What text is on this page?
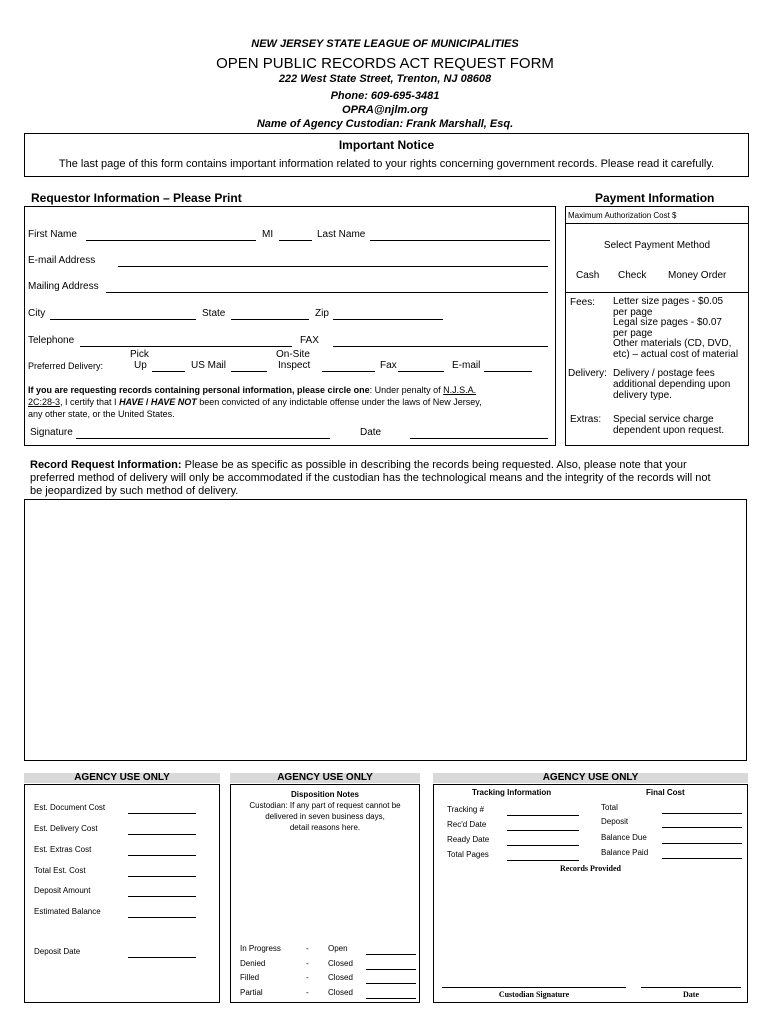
NEW JERSEY STATE LEAGUE OF MUNICIPALITIES
OPEN PUBLIC RECORDS ACT REQUEST FORM
222 West State Street, Trenton, NJ 08608
Phone: 609-695-3481
OPRA@njlm.org
Name of Agency Custodian: Frank Marshall, Esq.
Important Notice
The last page of this form contains important information related to your rights concerning government records. Please read it carefully.
Requestor Information – Please Print
First Name	MI	Last Name
E-mail Address
Mailing Address
City	State	Zip
Telephone	FAX
Pick	On-Site
Preferred Delivery:	Up	US Mail	Inspect	Fax	E-mail
If you are requesting records containing personal information, please circle one: Under penalty of N.J.S.A.
2C:28-3, I certify that I HAVE / HAVE NOT been convicted of any indictable offense under the laws of New Jersey,
any other state, or the United States.
Signature	Date
Payment Information
Maximum Authorization Cost $
Select Payment Method
Cash Check Money Order
Fees: Letter size pages - $0.05
per page
Legal size pages - $0.07
per page
Other materials (CD, DVD,
etc) – actual cost of material
Delivery: Delivery / postage fees
additional depending upon
delivery type.
Extras: Special service charge
dependent upon request.
Record Request Information: Please be as specific as possible in describing the records being requested. Also, please note that your
preferred method of delivery will only be accommodated if the custodian has the technological means and the integrity of the records will not
be jeopardized by such method of delivery.
AGENCY USE ONLY	AGENCY USE ONLY	AGENCY USE ONLY
Est. Document Cost
Est. Delivery Cost
Est. Extras Cost
Total Est. Cost
Deposit Amount
Estimated Balance
Deposit Date
Disposition Notes
Custodian: If any part of request cannot be
delivered in seven business days,
detail reasons here.
In Progress	- Open
Denied	- Closed
Filled	- Closed
Partial	- Closed
Tracking Information	Final Cost
Tracking #
Rec'd Date
Ready Date
Total Pages
Total
Deposit
Balance Due
Balance Paid
Records Provided
Custodian Signature	Date
